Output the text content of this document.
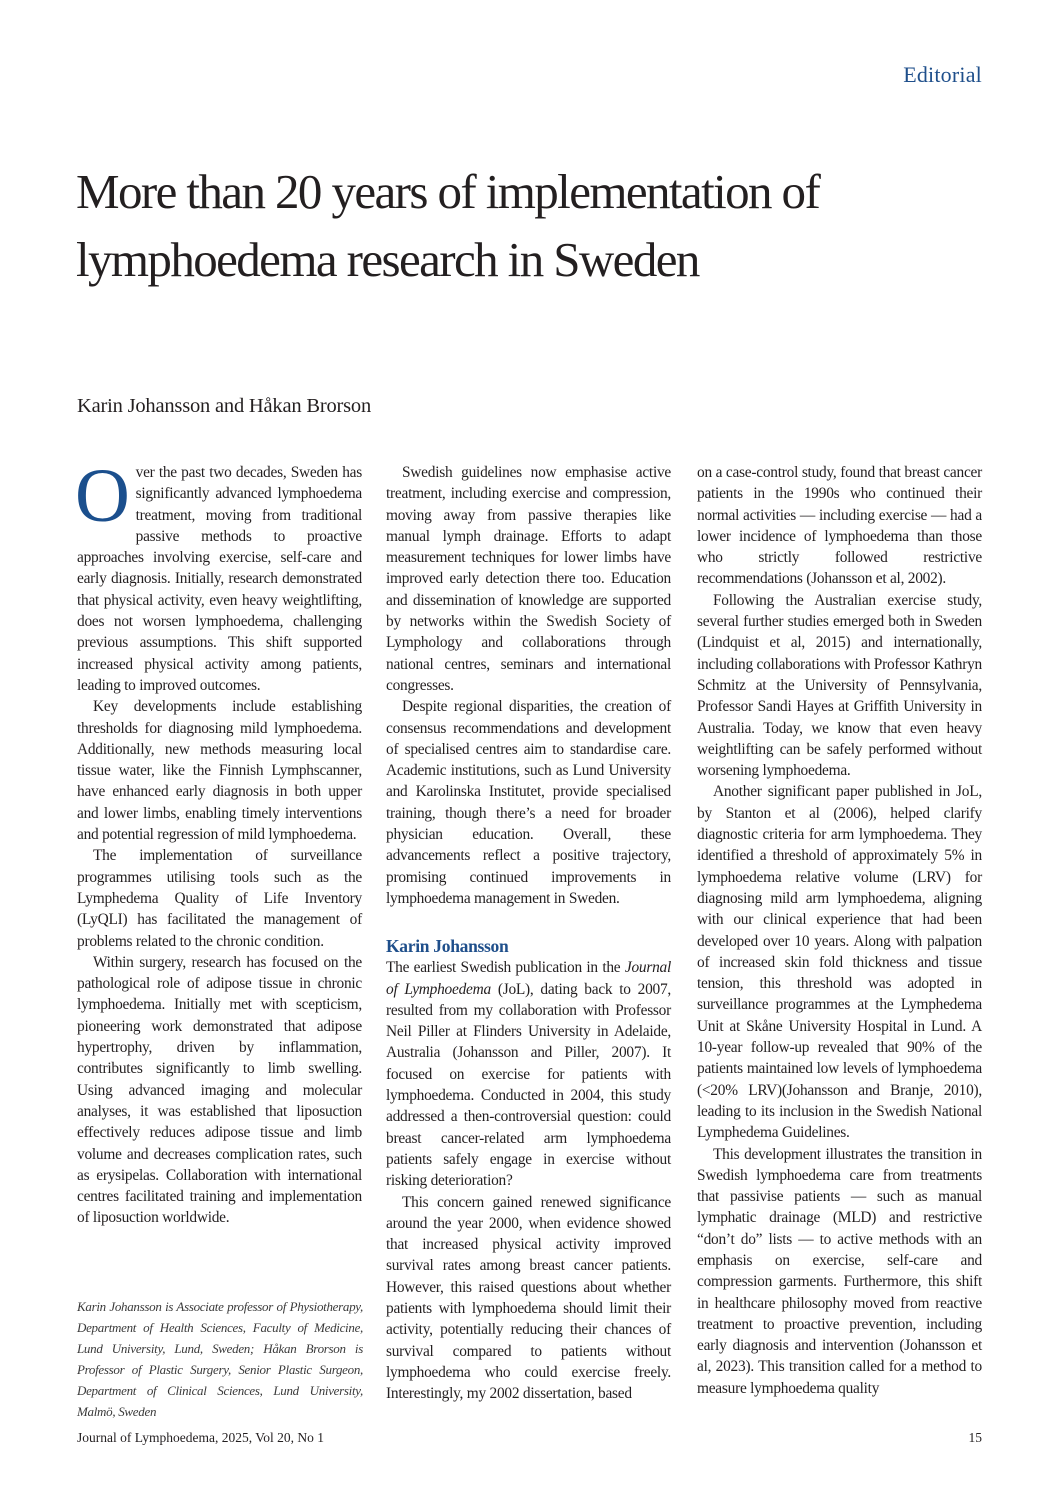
Editorial
More than 20 years of implementation of lymphoedema research in Sweden
Karin Johansson and Håkan Brorson

Over the past two decades, Sweden has significantly advanced lymphoedema treatment, moving from traditional passive methods to proactive approaches involving exercise, self-care and early diagnosis. Initially, research demonstrated that physical activity, even heavy weightlifting, does not worsen lymphoedema, challenging previous assumptions. This shift supported increased physical activity among patients, leading to improved outcomes.

Key developments include establishing thresholds for diagnosing mild lymphoedema. Additionally, new methods measuring local tissue water, like the Finnish Lymphscanner, have enhanced early diagnosis in both upper and lower limbs, enabling timely interventions and potential regression of mild lymphoedema.

The implementation of surveillance programmes utilising tools such as the Lymphedema Quality of Life Inventory (LyQLI) has facilitated the management of problems related to the chronic condition.

Within surgery, research has focused on the pathological role of adipose tissue in chronic lymphoedema. Initially met with scepticism, pioneering work demonstrated that adipose hypertrophy, driven by inflammation, contributes significantly to limb swelling. Using advanced imaging and molecular analyses, it was established that liposuction effectively reduces adipose tissue and limb volume and decreases complication rates, such as erysipelas. Collaboration with international centres facilitated training and implementation of liposuction worldwide.

Karin Johansson is Associate professor of Physiotherapy, Department of Health Sciences, Faculty of Medicine, Lund University, Lund, Sweden; Håkan Brorson is Professor of Plastic Surgery, Senior Plastic Surgeon, Department of Clinical Sciences, Lund University, Malmö, Sweden

Swedish guidelines now emphasise active treatment, including exercise and compression, moving away from passive therapies like manual lymph drainage. Efforts to adapt measurement techniques for lower limbs have improved early detection there too. Education and dissemination of knowledge are supported by networks within the Swedish Society of Lymphology and collaborations through national centres, seminars and international congresses.

Despite regional disparities, the creation of consensus recommendations and development of specialised centres aim to standardise care. Academic institutions, such as Lund University and Karolinska Institutet, provide specialised training, though there’s a need for broader physician education. Overall, these advancements reflect a positive trajectory, promising continued improvements in lymphoedema management in Sweden.

Karin Johansson

The earliest Swedish publication in the Journal of Lymphoedema (JoL), dating back to 2007, resulted from my collaboration with Professor Neil Piller at Flinders University in Adelaide, Australia (Johansson and Piller, 2007). It focused on exercise for patients with lymphoedema. Conducted in 2004, this study addressed a then-controversial question: could breast cancer-related arm lymphoedema patients safely engage in exercise without risking deterioration?

This concern gained renewed significance around the year 2000, when evidence showed that increased physical activity improved survival rates among breast cancer patients. However, this raised questions about whether patients with lymphoedema should limit their activity, potentially reducing their chances of survival compared to patients without lymphoedema who could exercise freely. Interestingly, my 2002 dissertation, based

on a case-control study, found that breast cancer patients in the 1990s who continued their normal activities — including exercise — had a lower incidence of lymphoedema than those who strictly followed restrictive recommendations (Johansson et al, 2002).

Following the Australian exercise study, several further studies emerged both in Sweden (Lindquist et al, 2015) and internationally, including collaborations with Professor Kathryn Schmitz at the University of Pennsylvania, Professor Sandi Hayes at Griffith University in Australia. Today, we know that even heavy weightlifting can be safely performed without worsening lymphoedema.

Another significant paper published in JoL, by Stanton et al (2006), helped clarify diagnostic criteria for arm lymphoedema. They identified a threshold of approximately 5% in lymphoedema relative volume (LRV) for diagnosing mild arm lymphoedema, aligning with our clinical experience that had been developed over 10 years. Along with palpation of increased skin fold thickness and tissue tension, this threshold was adopted in surveillance programmes at the Lymphedema Unit at Skåne University Hospital in Lund. A 10-year follow-up revealed that 90% of the patients maintained low levels of lymphoedema (<20% LRV)(Johansson and Branje, 2010), leading to its inclusion in the Swedish National Lymphedema Guidelines.

This development illustrates the transition in Swedish lymphoedema care from treatments that passivise patients — such as manual lymphatic drainage (MLD) and restrictive “don’t do” lists — to active methods with an emphasis on exercise, self-care and compression garments. Furthermore, this shift in healthcare philosophy moved from reactive treatment to proactive prevention, including early diagnosis and intervention (Johansson et al, 2023). This transition called for a method to measure lymphoedema quality

Journal of Lymphoedema, 2025, Vol 20, No 1	15
